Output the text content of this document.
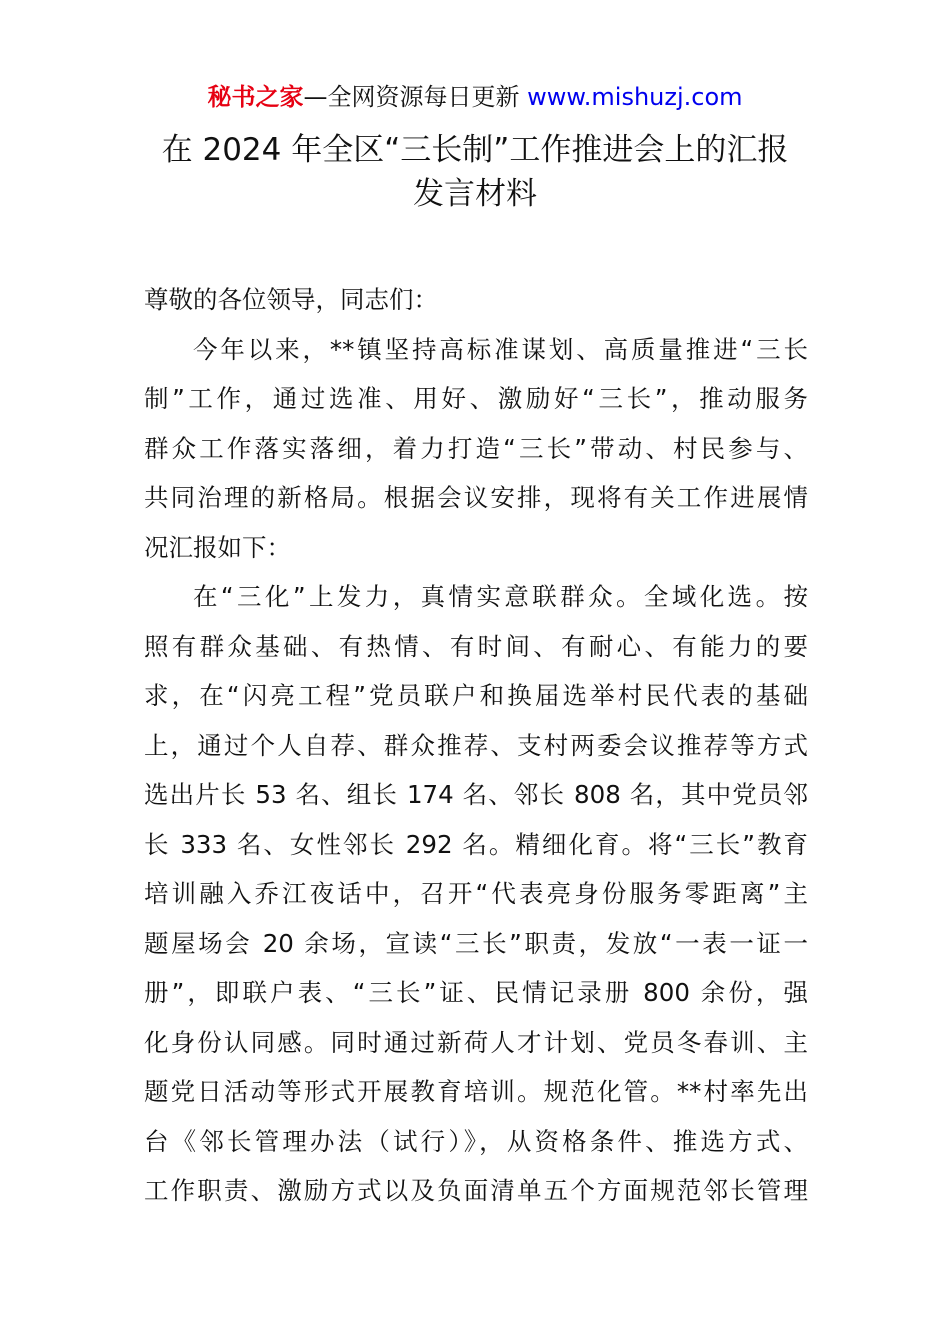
秘书之家—全网资源每日更新 www.mishuzj.com
在 2024 年全区“三长制”工作推进会上的汇报
发言材料

尊敬的各位领导，同志们：

今年以来，**镇坚持高标准谋划、高质量推进“三长
制”工作，通过选准、用好、激励好“三长”，推动服务
群众工作落实落细，着力打造“三长”带动、村民参与、
共同治理的新格局。根据会议安排，现将有关工作进展情
况汇报如下：

在“三化”上发力，真情实意联群众。全域化选。按
照有群众基础、有热情、有时间、有耐心、有能力的要
求，在“闪亮工程”党员联户和换届选举村民代表的基础
上，通过个人自荐、群众推荐、支村两委会议推荐等方式
选出片长 53 名、组长 174 名、邻长 808 名，其中党员邻
长 333 名、女性邻长 292 名。精细化育。将“三长”教育
培训融入乔江夜话中，召开“代表亮身份服务零距离”主
题屋场会 20 余场，宣读“三长”职责，发放“一表一证一
册”，即联户表、“三长”证、民情记录册 800 余份，强
化身份认同感。同时通过新荷人才计划、党员冬春训、主
题党日活动等形式开展教育培训。规范化管。**村率先出
台《邻长管理办法（试行）》，从资格条件、推选方式、
工作职责、激励方式以及负面清单五个方面规范邻长管理
